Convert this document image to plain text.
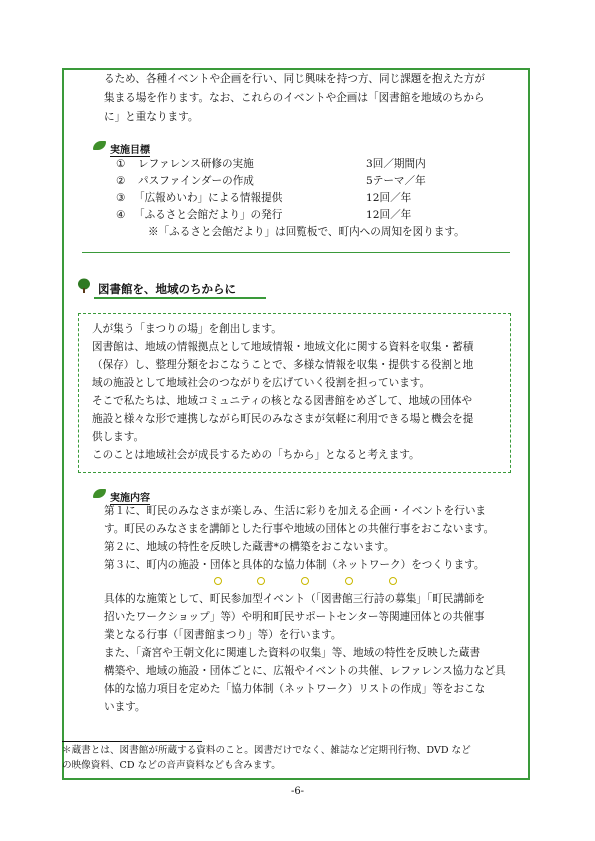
るため、各種イベントや企画を行い、同じ興味を持つ方、同じ課題を抱えた方が
集まる場を作ります。なお、これらのイベントや企画は「図書館を地域のちから
に」と重なります。
実施目標
① レファレンス研修の実施	3回／期間内
② パスファインダーの作成	5テーマ／年
③ 「広報めいわ」による情報提供	12回／年
④ 「ふるさと会館だより」の発行	12回／年
※「ふるさと会館だより」は回覧板で、町内への周知を図ります。
図書館を、地域のちからに
人が集う「まつりの場」を創出します。
図書館は、地域の情報拠点として地域情報・地域文化に関する資料を収集・蓄積
（保存）し、整理分類をおこなうことで、多様な情報を収集・提供する役割と地
域の施設として地域社会のつながりを広げていく役割を担っています。
そこで私たちは、地域コミュニティの核となる図書館をめざして、地域の団体や
施設と様々な形で連携しながら町民のみなさまが気軽に利用できる場と機会を提
供します。
このことは地域社会が成長するための「ちから」となると考えます。
実施内容
第１に、町民のみなさまが楽しみ、生活に彩りを加える企画・イベントを行いま
す。町民のみなさまを講師とした行事や地域の団体との共催行事をおこないます。
第２に、地域の特性を反映した蔵書*の構築をおこないます。
第３に、町内の施設・団体と具体的な協力体制（ネットワーク）をつくります。
具体的な施策として、町民参加型イベント（「図書館三行詩の募集」「町民講師を
招いたワークショップ」等）や明和町民サポートセンター等関連団体との共催事
業となる行事（「図書館まつり」等）を行います。
また、「斎宮や王朝文化に関連した資料の収集」等、地域の特性を反映した蔵書
構築や、地域の施設・団体ごとに、広報やイベントの共催、レファレンス協力など具
体的な協力項目を定めた「協力体制（ネットワーク）リストの作成」等をおこな
います。
＊蔵書とは、図書館が所蔵する資料のこと。図書だけでなく、雑誌など定期刊行物、DVD など
の映像資料、CD などの音声資料なども含みます。
-6-
